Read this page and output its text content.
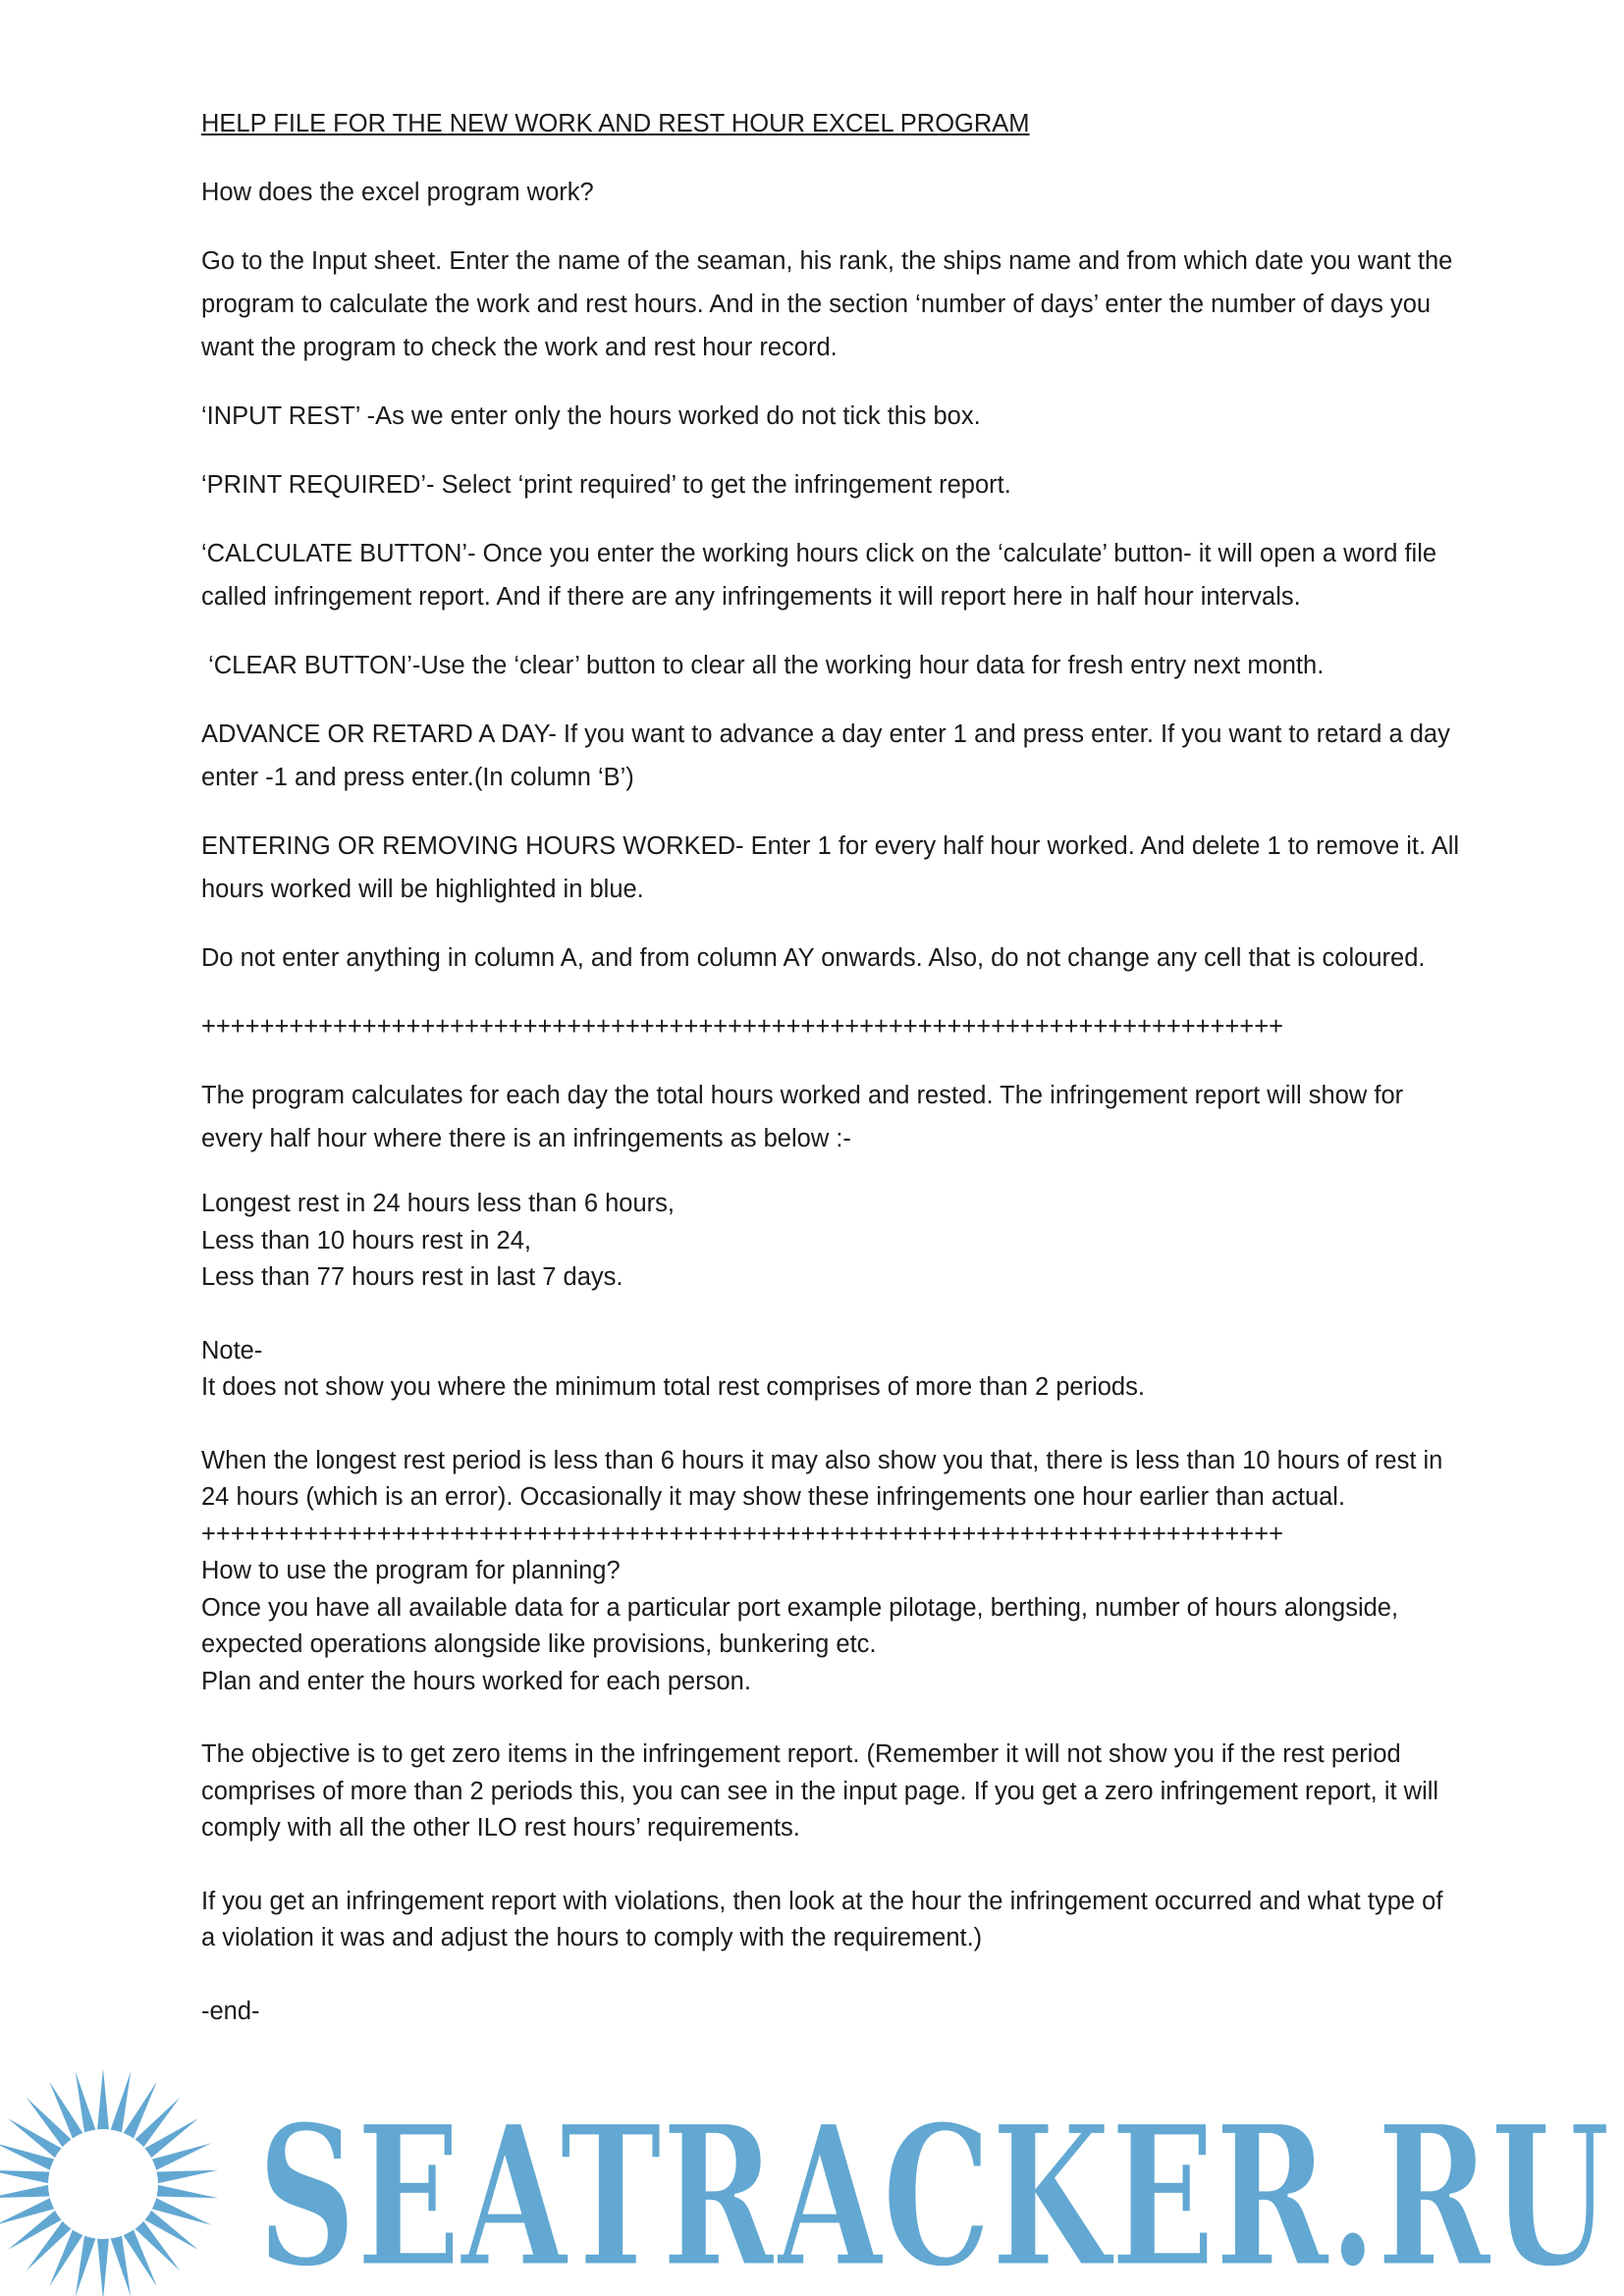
HELP FILE FOR THE NEW WORK AND REST HOUR EXCEL PROGRAM
How does the excel program work?
Go to the Input sheet. Enter the name of the seaman, his rank, the ships name and from which date you want the program to calculate the work and rest hours. And in the section ‘number of days’ enter the number of days you want the program to check the work and rest hour record.
‘INPUT REST’ -As we enter only the hours worked do not tick this box.
‘PRINT REQUIRED’- Select ‘print required’ to get the infringement report.
‘CALCULATE BUTTON’- Once you enter the working hours click on the ‘calculate’ button- it will open a word file called infringement report. And if there are any infringements it will report here in half hour intervals.
‘CLEAR BUTTON’-Use the ‘clear’ button to clear all the working hour data for fresh entry next month.
ADVANCE OR RETARD A DAY- If you want to advance a day enter 1 and press enter. If you want to retard a day enter -1 and press enter.(In column ‘B’)
ENTERING OR REMOVING HOURS WORKED- Enter 1 for every half hour worked. And delete 1 to remove it. All hours worked will be highlighted in blue.
Do not enter anything in column A, and from column AY onwards. Also, do not change any cell that is coloured.
++++++++++++++++++++++++++++++++++++++++++++++++++++++++++++++++++++++++++
The program calculates for each day the total hours worked and rested. The infringement report will show for every half hour where there is an infringements as below :-
Longest rest in 24 hours less than 6 hours,
Less than 10 hours rest in 24,
Less than 77 hours rest in last 7 days.
Note-
It does not show you where the minimum total rest comprises of more than 2 periods.
When the longest rest period is less than 6 hours it may also show you that, there is less than 10 hours of rest in 24 hours (which is an error). Occasionally it may show these infringements one hour earlier than actual.
++++++++++++++++++++++++++++++++++++++++++++++++++++++++++++++++++++++++++
How to use the program for planning?
Once you have all available data for a particular port example pilotage, berthing, number of hours alongside, expected operations alongside like provisions, bunkering etc.
Plan and enter the hours worked for each person.
The objective is to get zero items in the infringement report. (Remember it will not show you if the rest period comprises of more than 2 periods this, you can see in the input page. If you get a zero infringement report, it will comply with all the other ILO rest hours’ requirements.
If you get an infringement report with violations, then look at the hour the infringement occurred and what type of a violation it was and adjust the hours to comply with the requirement.)
-end-
SEATRACKER.RU
